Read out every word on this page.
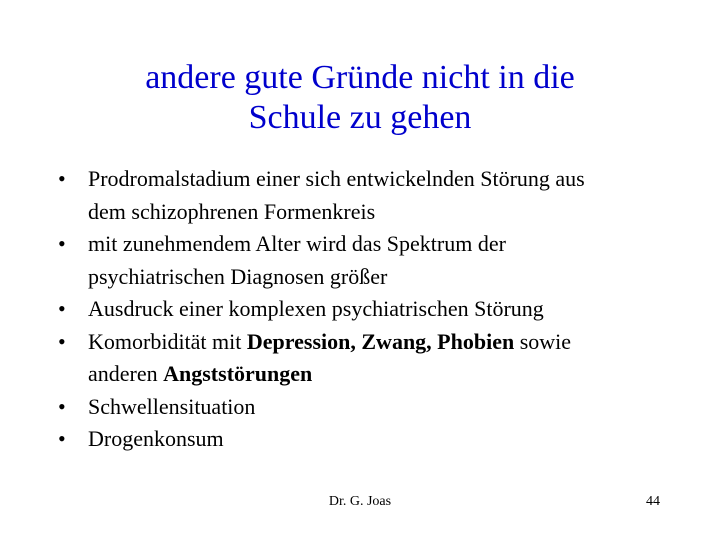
andere gute Gründe nicht in die
Schule zu gehen
•	Prodromalstadium einer sich entwickelnden Störung aus
dem schizophrenen Formenkreis
•	mit zunehmendem Alter wird das Spektrum der
psychiatrischen Diagnosen größer
•	Ausdruck einer komplexen psychiatrischen Störung
•	Komorbidität mit Depression, Zwang, Phobien sowie
anderen Angststörungen
•	Schwellensituation
•	Drogenkonsum
Dr. G. Joas	44
